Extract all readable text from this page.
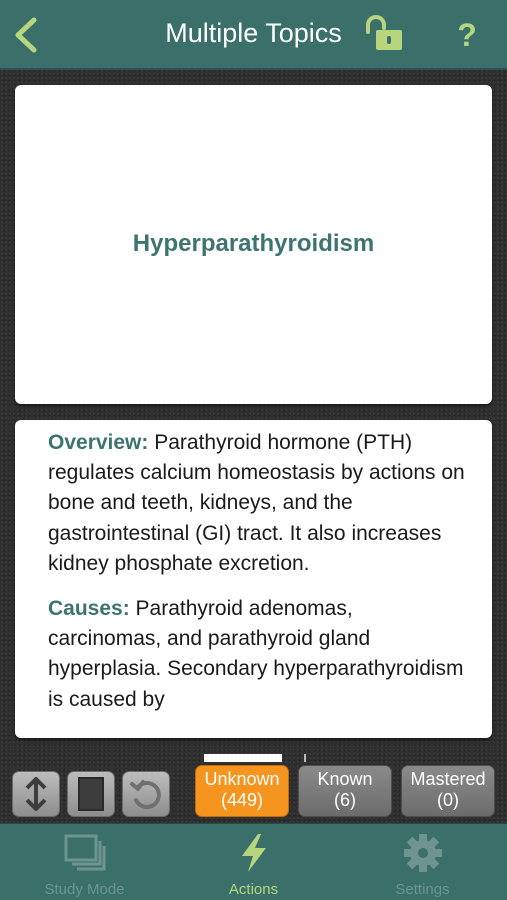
Multiple Topics	?
Hyperparathyroidism

Overview: Parathyroid hormone (PTH) regulates calcium homeostasis by actions on bone and teeth, kidneys, and the gastrointestinal (GI) tract. It also increases kidney phosphate excretion.

Causes: Parathyroid adenomas, carcinomas, and parathyroid gland hyperplasia. Secondary hyperparathyroidism is caused by

Unknown
(449)
Known
(6)
Mastered
(0)
Study Mode	Actions	Settings
